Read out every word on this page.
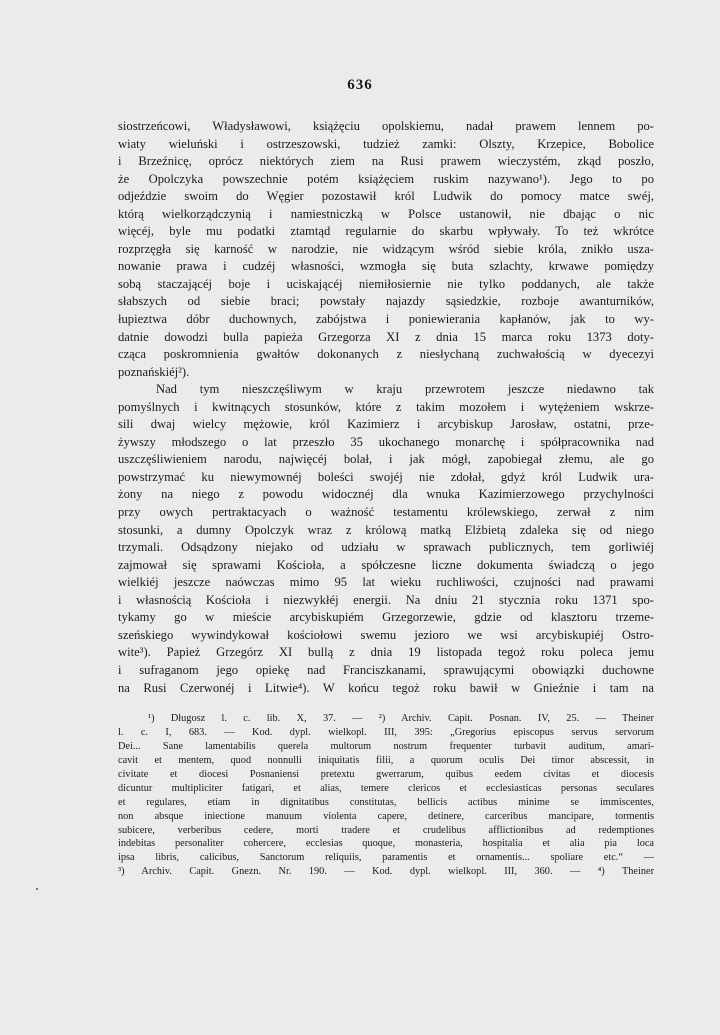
636
siostrzeńcowi, Władysławowi, książęciu opolskiemu, nadał prawem lennem po-
wiaty wieluński i ostrzeszowski, tudzież zamki: Olszty, Krzepice, Bobolice
i Brzeźnicę, oprócz niektórych ziem na Rusi prawem wieczystém, zkąd poszło,
że Opolczyka powszechnie potém książęciem ruskim nazywano¹). Jego to po
odjeździe swoim do Węgier pozostawił król Ludwik do pomocy matce swéj,
którą wielkorządczynią i namiestniczką w Polsce ustanowił, nie dbając o nic
więcéj, byle mu podatki ztamtąd regularnie do skarbu wpływały. To też wkrótce
rozprzęgła się karność w narodzie, nie widzącym wśród siebie króla, znikło uszа-
nowanie prawa i cudzéj własności, wzmogła się buta szlachty, krwawe pomiędzy
sobą staczającéj boje i uciskającéj niemiłosiernie nie tylko poddanych, ale także
słabszych od siebie braci; powstały najazdy sąsiedzkie, rozboje awanturników,
łupieztwa dóbr duchownych, zabójstwa i poniewierania kapłanów, jak to wy-
datnie dowodzi bulla papieża Grzegorza XI z dnia 15 marca roku 1373 doty-
cząca poskromnienia gwałtów dokonanych z niesłychaną zuchwałością w dyecezyi
poznańskiéj²).
Nad tym nieszczęśliwym w kraju przewrotem jeszcze niedawno tak
pomyślnych i kwitnących stosunków, które z takim mozołem i wytężeniem wskrze-
sili dwaj wielcy mężowie, król Kazimierz i arcybiskup Jarosław, ostatni, prze-
żywszy młodszego o lat przeszło 35 ukochanego monarchę i spółpracownika nad
uszczęśliwieniem narodu, najwięcéj bolał, i jak mógł, zapobiegał złemu, ale go
powstrzymać ku niewymownéj boleści swojéj nie zdołał, gdyż król Ludwik ura-
żony na niego z powodu widocznéj dla wnuka Kazimierzowego przychylności
przy owych pertraktacyach o ważność testamentu królewskiego, zerwał z nim
stosunki, a dumny Opolczyk wraz z królową matką Elżbietą zdaleka się od niego
trzymali. Odsądzony niejako od udziału w sprawach publicznych, tem gorliwiéj
zajmował się sprawami Kościoła, a spółczesne liczne dokumenta świadczą o jego
wielkiéj jeszcze naówczas mimo 95 lat wieku ruchliwości, czujności nad prawami
i własnością Kościoła i niezwykłéj energii. Na dniu 21 stycznia roku 1371 spo-
tykamy go w mieście arcybiskupiém Grzegorzewie, gdzie od klasztoru trzeme-
szeńskiego wywindykował kościołowi swemu jezioro we wsi arcybiskupiéj Ostro-
wite³). Papież Grzegórz XI bullą z dnia 19 listopada tegoż roku poleca jemu
i sufraganom jego opiekę nad Franciszkanami, sprawującymi obowiązki duchowne
na Rusi Czerwonéj i Litwie⁴). W końcu tegoż roku bawił w Gnieźnie i tam na
¹) Długosz l. c. lib. X, 37. — ²) Archiv. Capit. Posnan. IV, 25. — Theiner
l. c. I, 683. — Kod. dypl. wielkopl. III, 395: „Gregorius episcopus servus servorum
Dei... Sane lamentabilis querela multorum nostrum frequenter turbavit auditum, amari-
cavit et mentem, quod nonnulli iniquitatis filii, a quorum oculis Dei timor abscessit, in
civitate et diocesi Posnaniensi pretextu gwerrarum, quibus eedem civitas et diocesis
dicuntur multipliciter fatigari, et alias, temere clericos et ecclesiasticas personas seculares
et regulares, etiam in dignitatibus constitutas, bellicis actibus minime se immiscentes,
non absque iniectione manuum violenta capere, detinere, carceribus mancipare, tormentis
subicere, verberibus cedere, morti tradere et crudelibus afflictionibus ad redemptiones
indebitas personaliter cohercere, ecclesias quoque, monasteria, hospitalia et alia pia loca
ipsa libris, calicibus, Sanctorum reliquiis, paramentis et ornamentis... spoliare etc.“ —
³) Archiv. Capit. Gnezn. Nr. 190. — Kod. dypl. wielkopl. III, 360. — ⁴) Theiner
